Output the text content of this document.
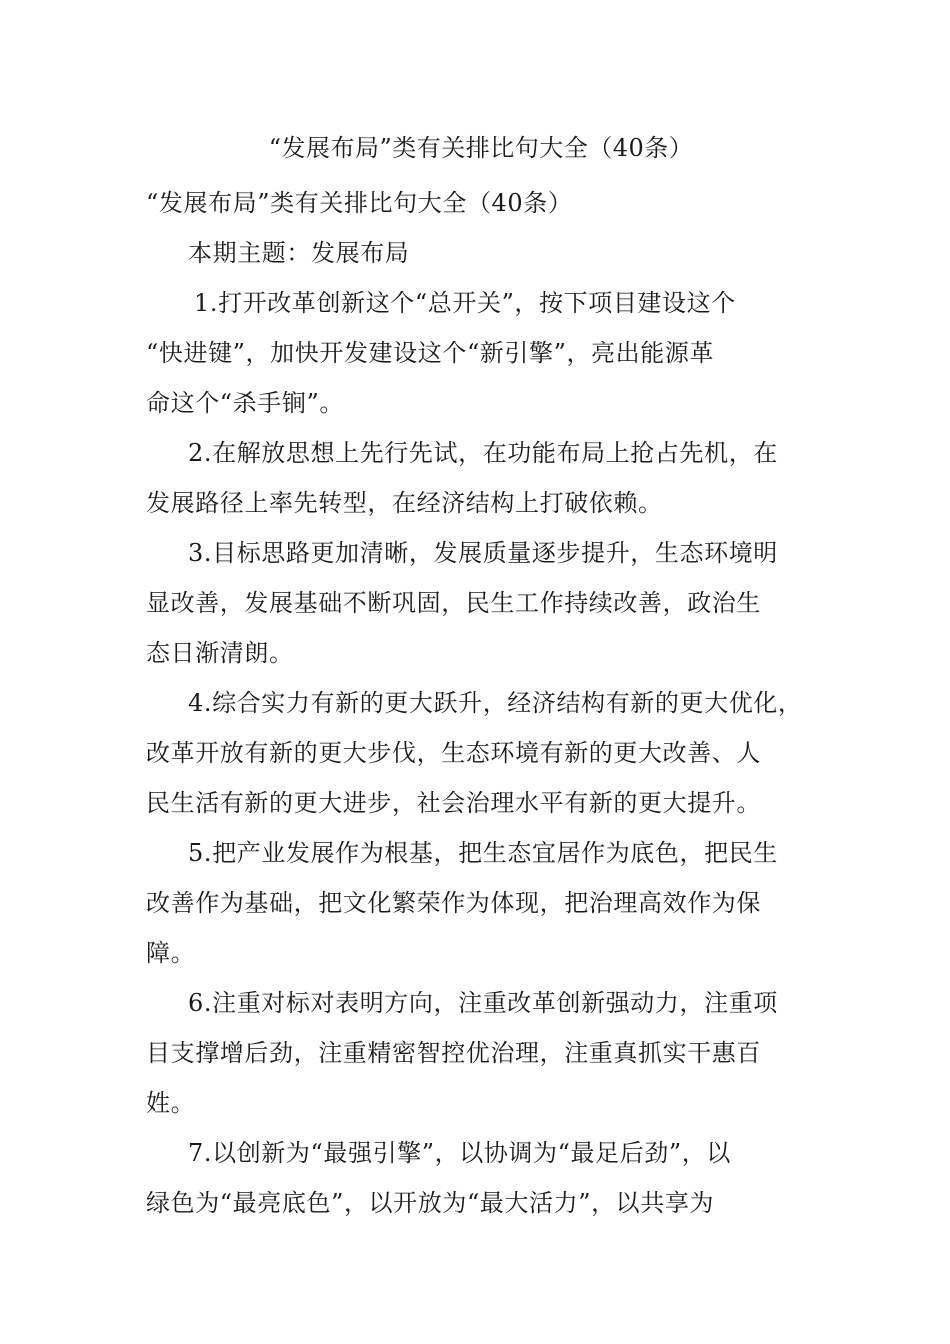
“发展布局”类有关排比句大全（40条）
“发展布局”类有关排比句大全（40条）
本期主题：发展布局
1.打开改革创新这个“总开关”，按下项目建设这个
“快进键”，加快开发建设这个“新引擎”，亮出能源革
命这个“杀手锏”。
2.在解放思想上先行先试，在功能布局上抢占先机，在
发展路径上率先转型，在经济结构上打破依赖。
3.目标思路更加清晰，发展质量逐步提升，生态环境明
显改善，发展基础不断巩固，民生工作持续改善，政治生
态日渐清朗。
4.综合实力有新的更大跃升，经济结构有新的更大优化，
改革开放有新的更大步伐，生态环境有新的更大改善、人
民生活有新的更大进步，社会治理水平有新的更大提升。
5.把产业发展作为根基，把生态宜居作为底色，把民生
改善作为基础，把文化繁荣作为体现，把治理高效作为保
障。
6.注重对标对表明方向，注重改革创新强动力，注重项
目支撑增后劲，注重精密智控优治理，注重真抓实干惠百
姓。
7.以创新为“最强引擎”，以协调为“最足后劲”，以
绿色为“最亮底色”，以开放为“最大活力”，以共享为
